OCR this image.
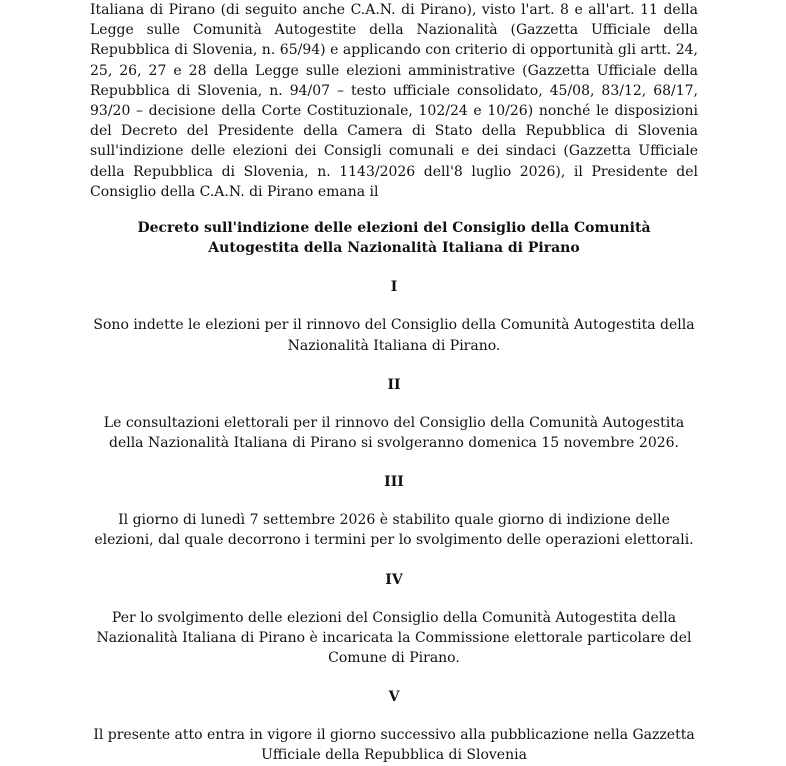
Italiana di Pirano (di seguito anche C.A.N. di Pirano), visto l'art. 8 e all'art. 11 della Legge sulle Comunità Autogestite della Nazionalità (Gazzetta Ufficiale della Repubblica di Slovenia, n. 65/94) e applicando con criterio di opportunità gli artt. 24, 25, 26, 27 e 28 della Legge sulle elezioni amministrative (Gazzetta Ufficiale della Repubblica di Slovenia, n. 94/07 – testo ufficiale consolidato, 45/08, 83/12, 68/17, 93/20 – decisione della Corte Costituzionale, 102/24 e 10/26) nonché le disposizioni del Decreto del Presidente della Camera di Stato della Repubblica di Slovenia sull'indizione delle elezioni dei Consigli comunali e dei sindaci (Gazzetta Ufficiale della Repubblica di Slovenia, n. 1143/2026 dell'8 luglio 2026), il Presidente del Consiglio della C.A.N. di Pirano emana il

Decreto sull'indizione delle elezioni del Consiglio della Comunità Autogestita della Nazionalità Italiana di Pirano

I

Sono indette le elezioni per il rinnovo del Consiglio della Comunità Autogestita della Nazionalità Italiana di Pirano.

II

Le consultazioni elettorali per il rinnovo del Consiglio della Comunità Autogestita della Nazionalità Italiana di Pirano si svolgeranno domenica 15 novembre 2026.

III

Il giorno di lunedì 7 settembre 2026 è stabilito quale giorno di indizione delle elezioni, dal quale decorrono i termini per lo svolgimento delle operazioni elettorali.

IV

Per lo svolgimento delle elezioni del Consiglio della Comunità Autogestita della Nazionalità Italiana di Pirano è incaricata la Commissione elettorale particolare del Comune di Pirano.

V

Il presente atto entra in vigore il giorno successivo alla pubblicazione nella Gazzetta Ufficiale della Repubblica di Slovenia
